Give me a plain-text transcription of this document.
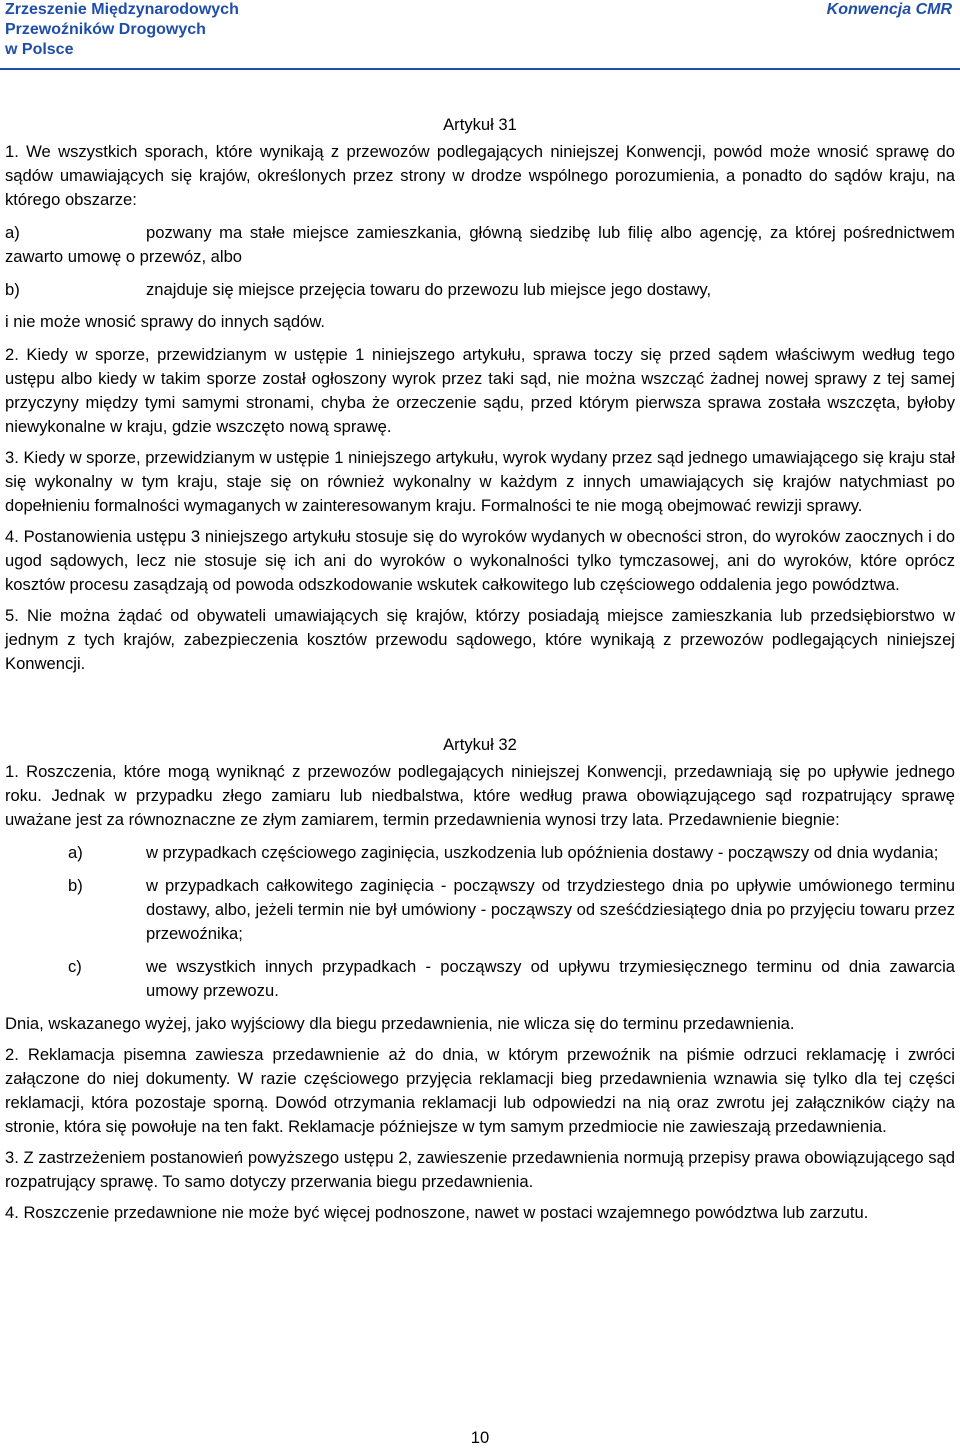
Zrzeszenie Międzynarodowych
Przewoźników Drogowych
w Polsce
Konwencja CMR
Artykuł 31

1. We wszystkich sporach, które wynikają z przewozów podlegających niniejszej Konwencji, powód może wnosić sprawę do sądów umawiających się krajów, określonych przez strony w drodze wspólnego porozumienia, a ponadto do sądów kraju, na którego obszarze:

a)	pozwany ma stałe miejsce zamieszkania, główną siedzibę lub filię albo agencję, za której pośrednictwem zawarto umowę o przewóz, albo

b)	znajduje się miejsce przejęcia towaru do przewozu lub miejsce jego dostawy,

i nie może wnosić sprawy do innych sądów.

2. Kiedy w sporze, przewidzianym w ustępie 1 niniejszego artykułu, sprawa toczy się przed sądem właściwym według tego ustępu albo kiedy w takim sporze został ogłoszony wyrok przez taki sąd, nie można wszcząć żadnej nowej sprawy z tej samej przyczyny między tymi samymi stronami, chyba że orzeczenie sądu, przed którym pierwsza sprawa została wszczęta, byłoby niewykonalne w kraju, gdzie wszczęto nową sprawę.

3. Kiedy w sporze, przewidzianym w ustępie 1 niniejszego artykułu, wyrok wydany przez sąd jednego umawiającego się kraju stał się wykonalny w tym kraju, staje się on również wykonalny w każdym z innych umawiających się krajów natychmiast po dopełnieniu formalności wymaganych w zainteresowanym kraju. Formalności te nie mogą obejmować rewizji sprawy.

4. Postanowienia ustępu 3 niniejszego artykułu stosuje się do wyroków wydanych w obecności stron, do wyroków zaocznych i do ugod sądowych, lecz nie stosuje się ich ani do wyroków o wykonalności tylko tymczasowej, ani do wyroków, które oprócz kosztów procesu zasądzają od powoda odszkodowanie wskutek całkowitego lub częściowego oddalenia jego powództwa.

5. Nie można żądać od obywateli umawiających się krajów, którzy posiadają miejsce zamieszkania lub przedsiębiorstwo w jednym z tych krajów, zabezpieczenia kosztów przewodu sądowego, które wynikają z przewozów podlegających niniejszej Konwencji.

Artykuł 32

1. Roszczenia, które mogą wyniknąć z przewozów podlegających niniejszej Konwencji, przedawniają się po upływie jednego roku. Jednak w przypadku złego zamiaru lub niedbalstwa, które według prawa obowiązującego sąd rozpatrujący sprawę uważane jest za równoznaczne ze złym zamiarem, termin przedawnienia wynosi trzy lata. Przedawnienie biegnie:

a)	w przypadkach częściowego zaginięcia, uszkodzenia lub opóźnienia dostawy - począwszy od dnia wydania;
b)	w przypadkach całkowitego zaginięcia - począwszy od trzydziestego dnia po upływie umówionego terminu dostawy, albo, jeżeli termin nie był umówiony - począwszy od sześćdziesiątego dnia po przyjęciu towaru przez przewoźnika;
c)	we wszystkich innych przypadkach - począwszy od upływu trzymiesięcznego terminu od dnia zawarcia umowy przewozu.

Dnia, wskazanego wyżej, jako wyjściowy dla biegu przedawnienia, nie wlicza się do terminu przedawnienia.

2. Reklamacja pisemna zawiesza przedawnienie aż do dnia, w którym przewoźnik na piśmie odrzuci reklamację i zwróci załączone do niej dokumenty. W razie częściowego przyjęcia reklamacji bieg przedawnienia wznawia się tylko dla tej części reklamacji, która pozostaje sporną. Dowód otrzymania reklamacji lub odpowiedzi na nią oraz zwrotu jej załączników ciąży na stronie, która się powołuje na ten fakt. Reklamacje późniejsze w tym samym przedmiocie nie zawieszają przedawnienia.

3. Z zastrzeżeniem postanowień powyższego ustępu 2, zawieszenie przedawnienia normują przepisy prawa obowiązującego sąd rozpatrujący sprawę. To samo dotyczy przerwania biegu przedawnienia.

4. Roszczenie przedawnione nie może być więcej podnoszone, nawet w postaci wzajemnego powództwa lub zarzutu.

10
